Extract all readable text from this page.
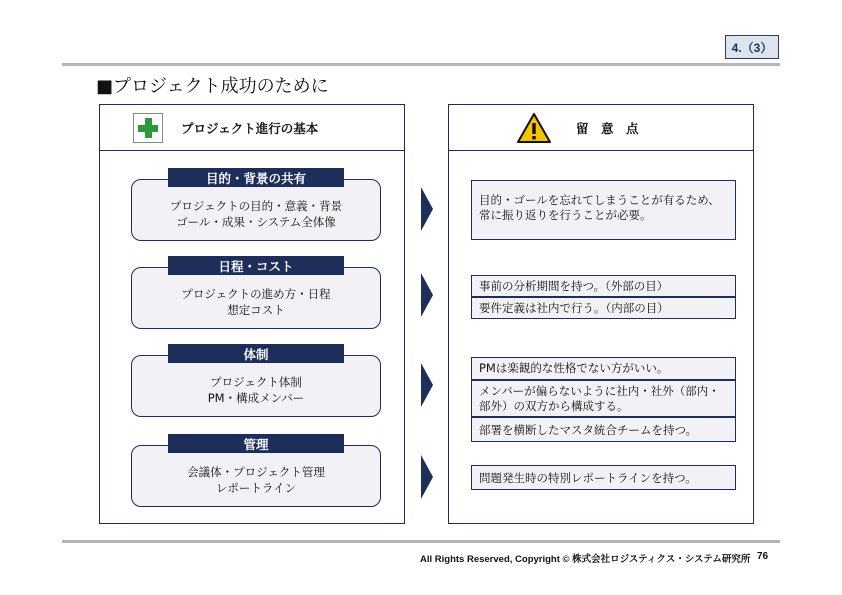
4.（3）
■プロジェクト成功のために
プロジェクト進行の基本	留　意　点
プロジェクトの目的・意義・背景
ゴール・成果・システム全体像
目的・背景の共有
プロジェクトの進め方・日程
想定コスト
日程・コスト
プロジェクト体制
PM・構成メンバー
体制
会議体・プロジェクト管理
レポートライン
管理
目的・ゴールを忘れてしまうことが有るため、常に振り返りを行うことが必要。
事前の分析期間を持つ。（外部の目）
要件定義は社内で行う。（内部の目）
PMは楽観的な性格でない方がいい。
メンバーが偏らないように社内・社外（部内・部外）の双方から構成する。
部署を横断したマスタ統合チームを持つ。
問題発生時の特別レポートラインを持つ。
All Rights Reserved, Copyright © 株式会社ロジスティクス・システム研究所 76
